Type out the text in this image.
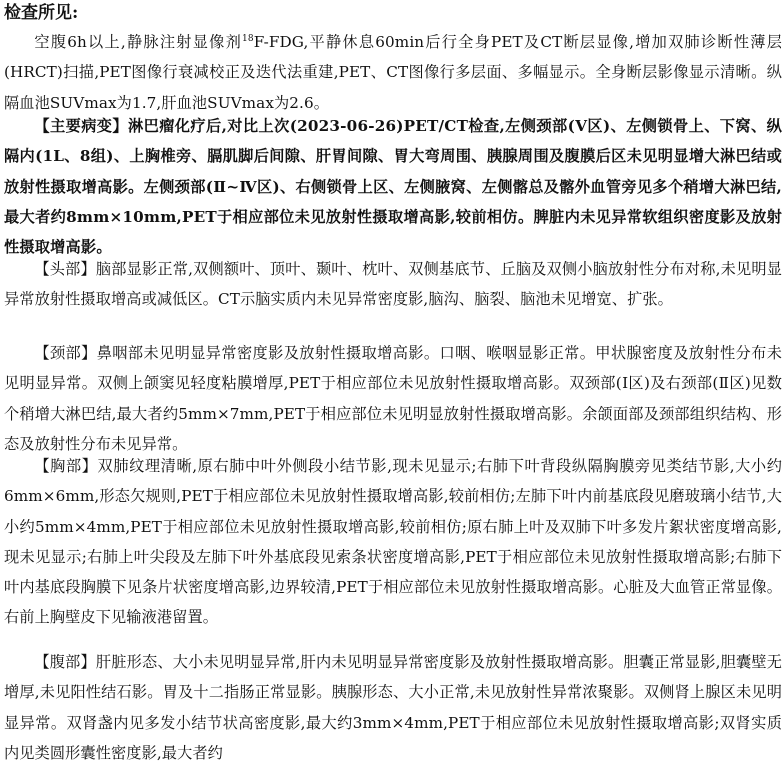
检查所见:

空腹6h以上,静脉注射显像剂$^{18}$F-FDG,平静休息60min后行全身PET及CT断层显像,增加双肺诊断性薄层(HRCT)扫描,PET图像行衰减校正及迭代法重建,PET、CT图像行多层面、多幅显示。全身断层影像显示清晰。纵隔血池SUVmax为1.7,肝血池SUVmax为2.6。

【主要病变】淋巴瘤化疗后,对比上次(2023-06-26)PET/CT检查,左侧颈部(Ⅴ区)、左侧锁骨上、下窝、纵隔内(1L、8组)、上胸椎旁、膈肌脚后间隙、肝胃间隙、胃大弯周围、胰腺周围及腹膜后区未见明显增大淋巴结或放射性摄取增高影。左侧颈部(Ⅱ~Ⅳ区)、右侧锁骨上区、左侧腋窝、左侧髂总及髂外血管旁见多个稍增大淋巴结,最大者约8mm×10mm,PET于相应部位未见放射性摄取增高影,较前相仿。脾脏内未见异常软组织密度影及放射性摄取增高影。

【头部】脑部显影正常,双侧额叶、顶叶、颞叶、枕叶、双侧基底节、丘脑及双侧小脑放射性分布对称,未见明显异常放射性摄取增高或减低区。CT示脑实质内未见异常密度影,脑沟、脑裂、脑池未见增宽、扩张。

【颈部】鼻咽部未见明显异常密度影及放射性摄取增高影。口咽、喉咽显影正常。甲状腺密度及放射性分布未见明显异常。双侧上颌窦见轻度粘膜增厚,PET于相应部位未见放射性摄取增高影。双颈部(Ⅰ区)及右颈部(Ⅱ区)见数个稍增大淋巴结,最大者约5mm×7mm,PET于相应部位未见明显放射性摄取增高影。余颌面部及颈部组织结构、形态及放射性分布未见异常。

【胸部】双肺纹理清晰,原右肺中叶外侧段小结节影,现未见显示;右肺下叶背段纵隔胸膜旁见类结节影,大小约6mm×6mm,形态欠规则,PET于相应部位未见放射性摄取增高影,较前相仿;左肺下叶内前基底段见磨玻璃小结节,大小约5mm×4mm,PET于相应部位未见放射性摄取增高影,较前相仿;原右肺上叶及双肺下叶多发片絮状密度增高影,现未见显示;右肺上叶尖段及左肺下叶外基底段见索条状密度增高影,PET于相应部位未见放射性摄取增高影;右肺下叶内基底段胸膜下见条片状密度增高影,边界较清,PET于相应部位未见放射性摄取增高影。心脏及大血管正常显像。右前上胸壁皮下见输液港留置。

【腹部】肝脏形态、大小未见明显异常,肝内未见明显异常密度影及放射性摄取增高影。胆囊正常显影,胆囊壁无增厚,未见阳性结石影。胃及十二指肠正常显影。胰腺形态、大小正常,未见放射性异常浓聚影。双侧肾上腺区未见明显异常。双肾盏内见多发小结节状高密度影,最大约3mm×4mm,PET于相应部位未见放射性摄取增高影;双肾实质内见类圆形囊性密度影,最大者约
